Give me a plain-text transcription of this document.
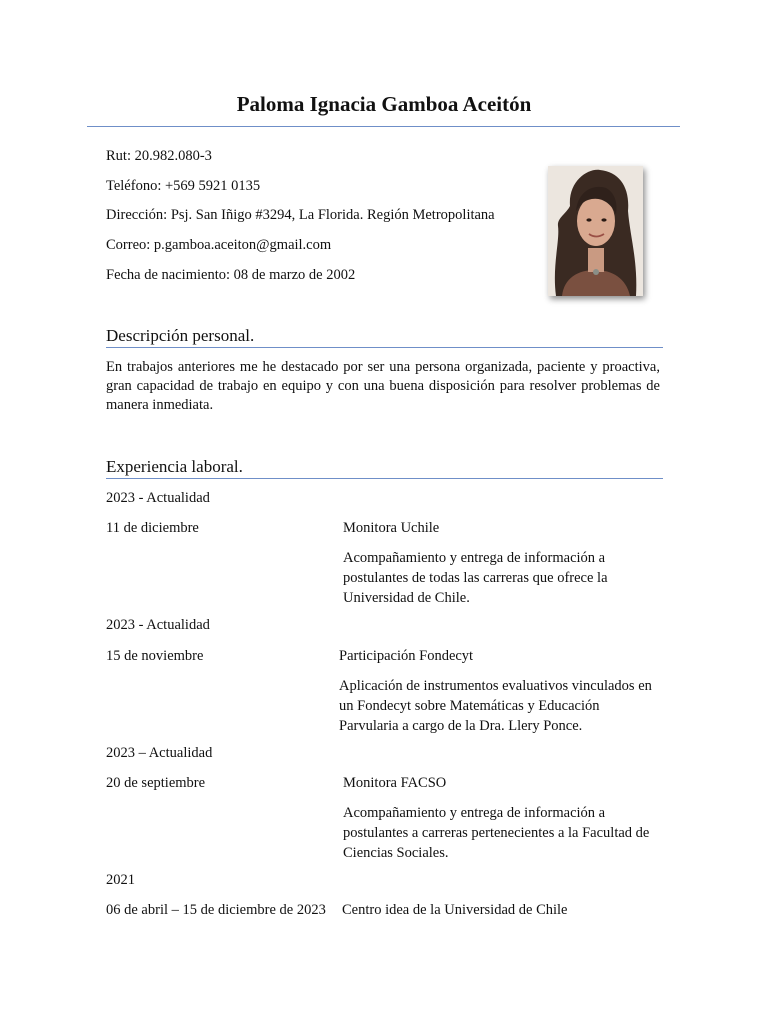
Paloma Ignacia Gamboa Aceitón
Rut: 20.982.080-3
Teléfono: +569 5921 0135
Dirección: Psj. San Iñigo #3294, La Florida. Región Metropolitana
Correo: p.gamboa.aceiton@gmail.com
Fecha de nacimiento: 08 de marzo de 2002
Descripción personal.
En trabajos anteriores me he destacado por ser una persona organizada, paciente y proactiva, gran capacidad de trabajo en equipo y con una buena disposición para resolver problemas de manera inmediata.
Experiencia laboral.
2023 - Actualidad
11 de diciembre	Monitora Uchile
Acompañamiento y entrega de información a postulantes de todas las carreras que ofrece la Universidad de Chile.
2023 - Actualidad
15 de noviembre	Participación Fondecyt
Aplicación de instrumentos evaluativos vinculados en un Fondecyt sobre Matemáticas y Educación Parvularia a cargo de la Dra. Llery Ponce.
2023 – Actualidad
20 de septiembre	Monitora FACSO
Acompañamiento y entrega de información a postulantes a carreras pertenecientes a la Facultad de Ciencias Sociales.
2021
06 de abril – 15 de diciembre de 2023 Centro idea de la Universidad de Chile
